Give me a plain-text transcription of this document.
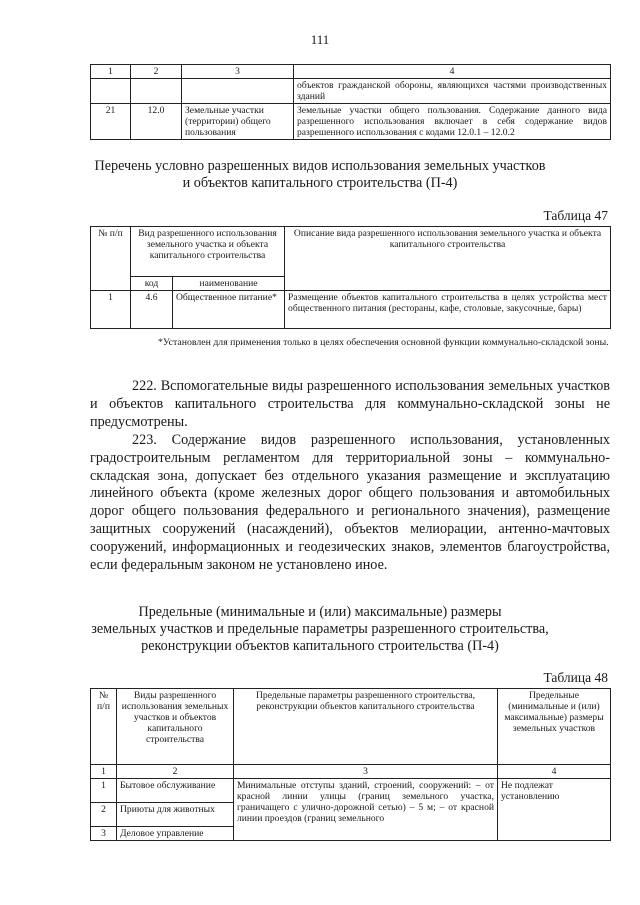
111
1	2	3	4
			объектов гражданской обороны, являющихся частями производственных зданий
21	12.0	Земельные участки (территории) общего пользования	Земельные участки общего пользования. Содержание данного вида разрешенного использования включает в себя содержание видов разрешенного использования с кодами 12.0.1 – 12.0.2
Перечень условно разрешенных видов использования земельных участков
и объектов капитального строительства (П-4)
Таблица 47
№ п/п	Вид разрешенного использования земельного участка и объекта капитального строительства		Описание вида разрешенного использования земельного участка и объекта капитального строительства
	код	наименование	
1	4.6	Общественное питание*	Размещение объектов капитального строительства в целях устройства мест общественного питания (рестораны, кафе, столовые, закусочные, бары)
*Установлен для применения только в целях обеспечения основной функции коммунально-складской зоны.
222. Вспомогательные виды разрешенного использования земельных участков и объектов капитального строительства для коммунально-складской зоны не предусмотрены.
223. Содержание видов разрешенного использования, установленных градостроительным регламентом для территориальной зоны – коммунально-складская зона, допускает без отдельного указания размещение и эксплуатацию линейного объекта (кроме железных дорог общего пользования и автомобильных дорог общего пользования федерального и регионального значения), размещение защитных сооружений (насаждений), объектов мелиорации, антенно-мачтовых сооружений, информационных и геодезических знаков, элементов благоустройства, если федеральным законом не установлено иное.
Предельные (минимальные и (или) максимальные) размеры
земельных участков и предельные параметры разрешенного строительства,
реконструкции объектов капитального строительства (П-4)
Таблица 48
№ п/п	Виды разрешенного использования земельных участков и объектов капитального строительства	Предельные параметры разрешенного строительства, реконструкции объектов капитального строительства	Предельные (минимальные и (или) максимальные) размеры земельных участков
1	2	3	4
1	Бытовое обслуживание	Минимальные отступы зданий, строений, сооружений: – от красной линии улицы (границ земельного участка, граничащего с улично-дорожной сетью) – 5 м; – от красной линии проездов (границ земельного	Не подлежат установлению
2	Приюты для животных		
3	Деловое управление		
